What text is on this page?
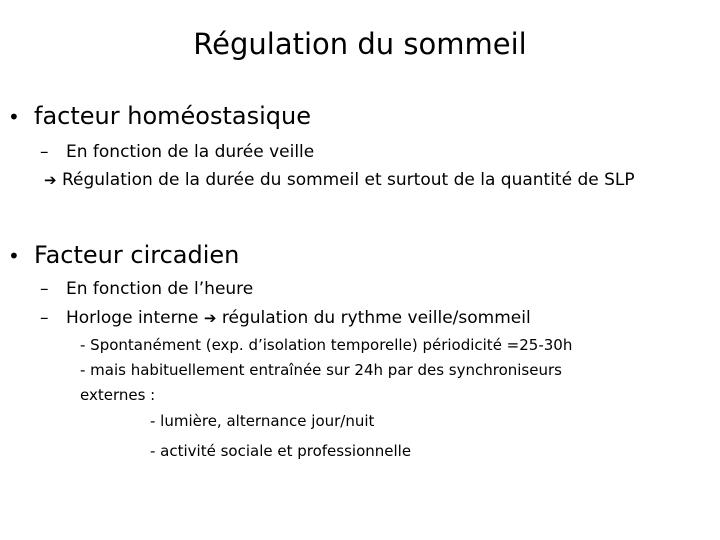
Régulation du sommeil
• facteur homéostasique
– En fonction de la durée veille
➔ Régulation de la durée du sommeil et surtout de la quantité de SLP
• Facteur circadien
– En fonction de l’heure
– Horloge interne ➔ régulation du rythme veille/sommeil
- Spontanément (exp. d’isolation temporelle) périodicité =25-30h
- mais habituellement entraînée sur 24h par des synchroniseurs
externes :
- lumière, alternance jour/nuit
- activité sociale et professionnelle
